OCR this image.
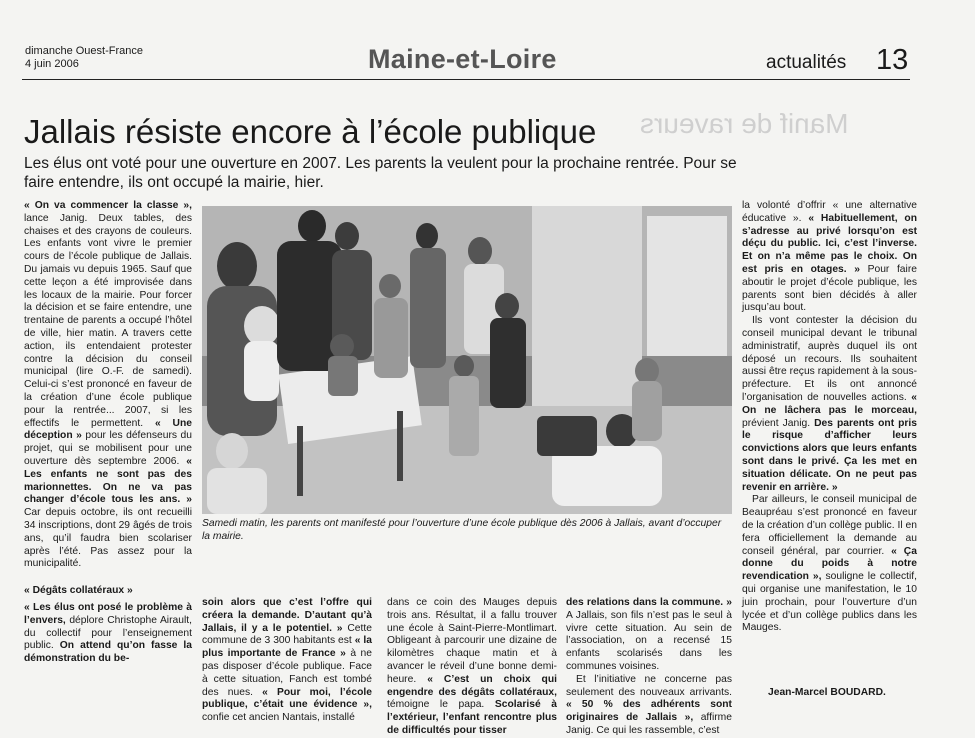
dimanche Ouest-France
4 juin 2006	Maine-et-Loire	actualités 13
Manif de raveurs
Jallais résiste encore à l’école publique
Les élus ont voté pour une ouverture en 2007. Les parents la veulent pour la prochaine rentrée. Pour se faire entendre, ils ont occupé la mairie, hier.

« On va commencer la classe », lance Janig. Deux tables, des chaises et des crayons de couleurs. Les enfants vont vivre le premier cours de l’école publique de Jallais. Du jamais vu depuis 1965. Sauf que cette leçon a été improvisée dans les locaux de la mairie. Pour forcer la décision et se faire entendre, une trentaine de parents a occupé l’hôtel de ville, hier matin. A travers cette action, ils entendaient protester contre la décision du conseil municipal (lire O.-F. de samedi). Celui-ci s’est prononcé en faveur de la création d’une école publique pour la rentrée... 2007, si les effectifs le permettent. « Une déception » pour les défenseurs du projet, qui se mobilisent pour une ouverture dès septembre 2006. « Les enfants ne sont pas des marionnettes. On ne va pas changer d’école tous les ans. » Car depuis octobre, ils ont recueilli 34 inscriptions, dont 29 âgés de trois ans, qu’il faudra bien scolariser après l’été. Pas assez pour la municipalité.

« Dégâts collatéraux »

« Les élus ont posé le problème à l’envers, déplore Christophe Airault, du collectif pour l’enseignement public. On attend qu’on fasse la démonstration du be-

Samedi matin, les parents ont manifesté pour l’ouverture d’une école publique dès 2006 à Jallais, avant d’occuper la mairie.

soin alors que c’est l’offre qui créera la demande. D’autant qu’à Jallais, il y a le potentiel. » Cette commune de 3 300 habitants est « la plus importante de France » à ne pas disposer d’école publique. Face à cette situation, Fanch est tombé des nues. « Pour moi, l’école publique, c’était une évidence », confie cet ancien Nantais, installé

dans ce coin des Mauges depuis trois ans. Résultat, il a fallu trouver une école à Saint-Pierre-Montlimart. Obligeant à parcourir une dizaine de kilomètres chaque matin et à avancer le réveil d’une bonne demi-heure. « C’est un choix qui engendre des dégâts collatéraux, témoigne le papa. Scolarisé à l’extérieur, l’enfant rencontre plus de difficultés pour tisser

des relations dans la commune. » A Jallais, son fils n’est pas le seul à vivre cette situation. Au sein de l’association, on a recensé 15 enfants scolarisés dans les communes voisines.

Et l’initiative ne concerne pas seulement des nouveaux arrivants. « 50 % des adhérents sont originaires de Jallais », affirme Janig. Ce qui les rassemble, c’est

la volonté d’offrir « une alternative éducative ». « Habituellement, on s’adresse au privé lorsqu’on est déçu du public. Ici, c’est l’inverse. Et on n’a même pas le choix. On est pris en otages. » Pour faire aboutir le projet d’école publique, les parents sont bien décidés à aller jusqu’au bout.

Ils vont contester la décision du conseil municipal devant le tribunal administratif, auprès duquel ils ont déposé un recours. Ils souhaitent aussi être reçus rapidement à la sous-préfecture. Et ils ont annoncé l’organisation de nouvelles actions. « On ne lâchera pas le morceau, prévient Janig. Des parents ont pris le risque d’afficher leurs convictions alors que leurs enfants sont dans le privé. Ça les met en situation délicate. On ne peut pas revenir en arrière. »

Par ailleurs, le conseil municipal de Beaupréau s’est prononcé en faveur de la création d’un collège public. Il en fera officiellement la demande au conseil général, par courrier. « Ça donne du poids à notre revendication », souligne le collectif, qui organise une manifestation, le 10 juin prochain, pour l’ouverture d’un lycée et d’un collège publics dans les Mauges.

Jean-Marcel BOUDARD.
